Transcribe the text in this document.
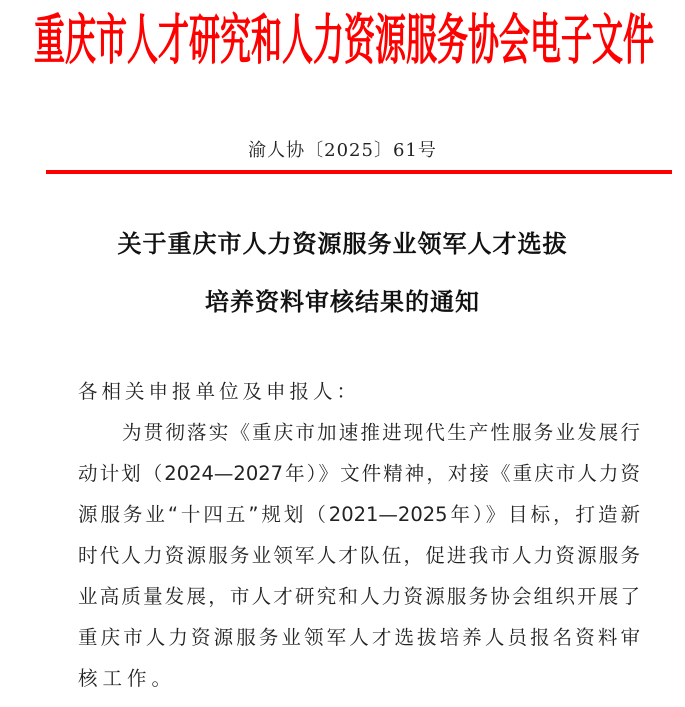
重庆市人才研究和人力资源服务协会电子文件
渝人协〔2025〕61号
关于重庆市人力资源服务业领军人才选拔
培养资料审核结果的通知
各相关申报单位及申报人：
为贯彻落实《重庆市加速推进现代生产性服务业发展行
动计划（2024—2027年）》文件精神，对接《重庆市人力资
源服务业“十四五”规划（2021—2025年）》目标，打造新
时代人力资源服务业领军人才队伍，促进我市人力资源服务
业高质量发展，市人才研究和人力资源服务协会组织开展了
重庆市人力资源服务业领军人才选拔培养人员报名资料审
核工作。
